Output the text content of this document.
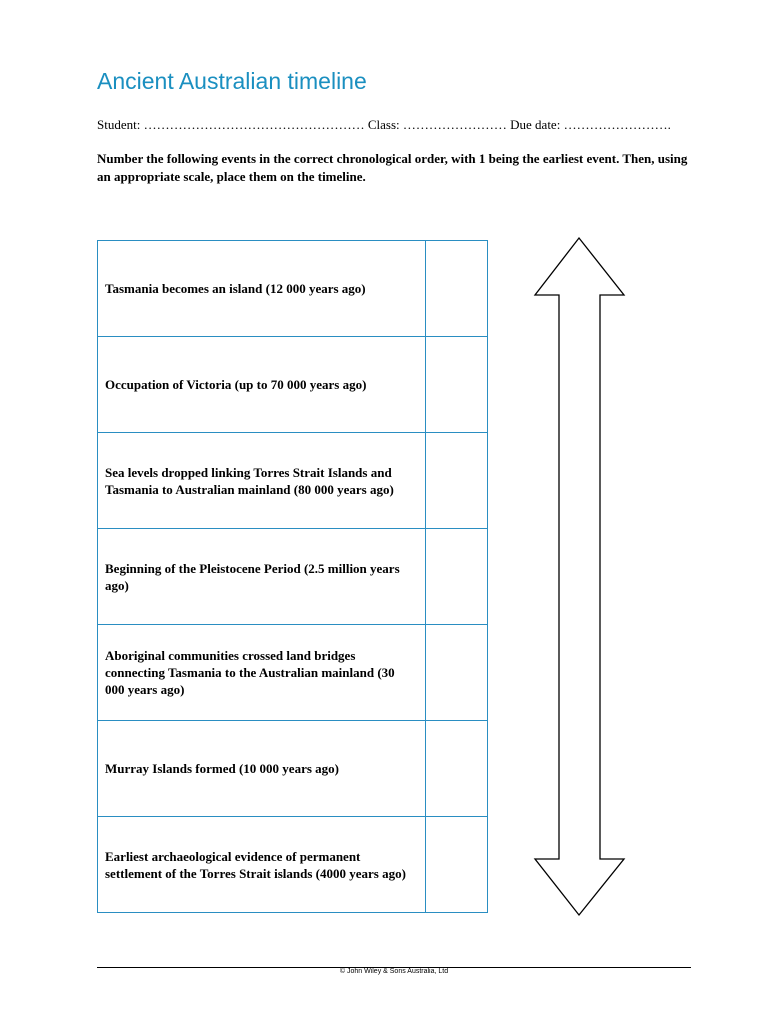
Ancient Australian timeline
Student: …………………………………………… Class: …………………… Due date: …………………….

Number the following events in the correct chronological order, with 1 being the earliest event. Then, using an appropriate scale, place them on the timeline.

Tasmania becomes an island (12 000 years ago)	
Occupation of Victoria (up to 70 000 years ago)	
Sea levels dropped linking Torres Strait Islands and Tasmania to Australian mainland (80 000 years ago)	
Beginning of the Pleistocene Period (2.5 million years ago)	
Aboriginal communities crossed land bridges connecting Tasmania to the Australian mainland (30 000 years ago)	
Murray Islands formed (10 000 years ago)	
Earliest archaeological evidence of permanent settlement of the Torres Strait islands (4000 years ago)	
© John Wiley & Sons Australia, Ltd
